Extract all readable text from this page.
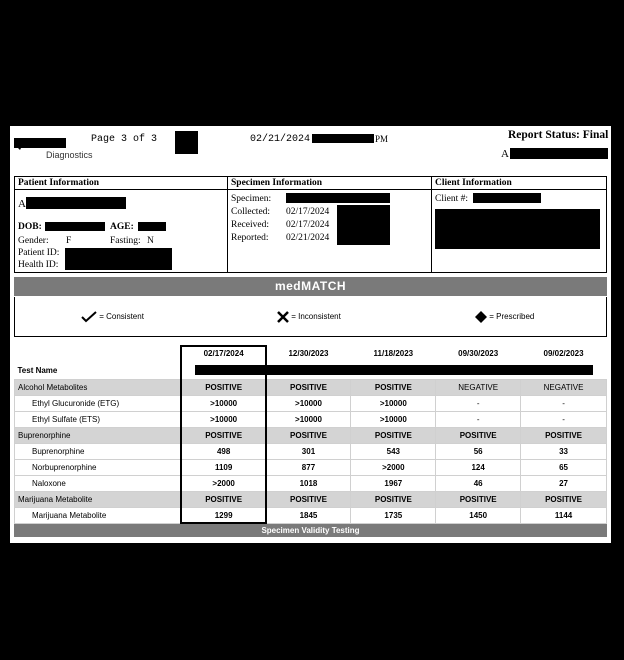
Diagnostics
Page 3 of 3	02/21/2024	PM	Report Status: Final
A
Patient Information
A
DOB:	AGE:
Gender: F	Fasting: N
Patient ID:
Health ID:
Specimen Information
Specimen:
Collected: 02/17/2024
Received: 02/17/2024
Reported: 02/21/2024
Client Information
Client #:
medMATCH
= Consistent	= Inconsistent	= Prescribed
	02/17/2024	12/30/2023	11/18/2023	09/30/2023	09/02/2023
Test Name					

Alcohol Metabolites	POSITIVE	POSITIVE	POSITIVE	NEGATIVE	NEGATIVE
Ethyl Glucuronide (ETG)	>10000	>10000	>10000	-	-
Ethyl Sulfate (ETS)	>10000	>10000	>10000	-	-
Buprenorphine	POSITIVE	POSITIVE	POSITIVE	POSITIVE	POSITIVE
Buprenorphine	498	301	543	56	33
Norbuprenorphine	1109	877	>2000	124	65
Naloxone	>2000	1018	1967	46	27
Marijuana Metabolite	POSITIVE	POSITIVE	POSITIVE	POSITIVE	POSITIVE
Marijuana Metabolite	1299	1845	1735	1450	1144
Specimen Validity Testing
